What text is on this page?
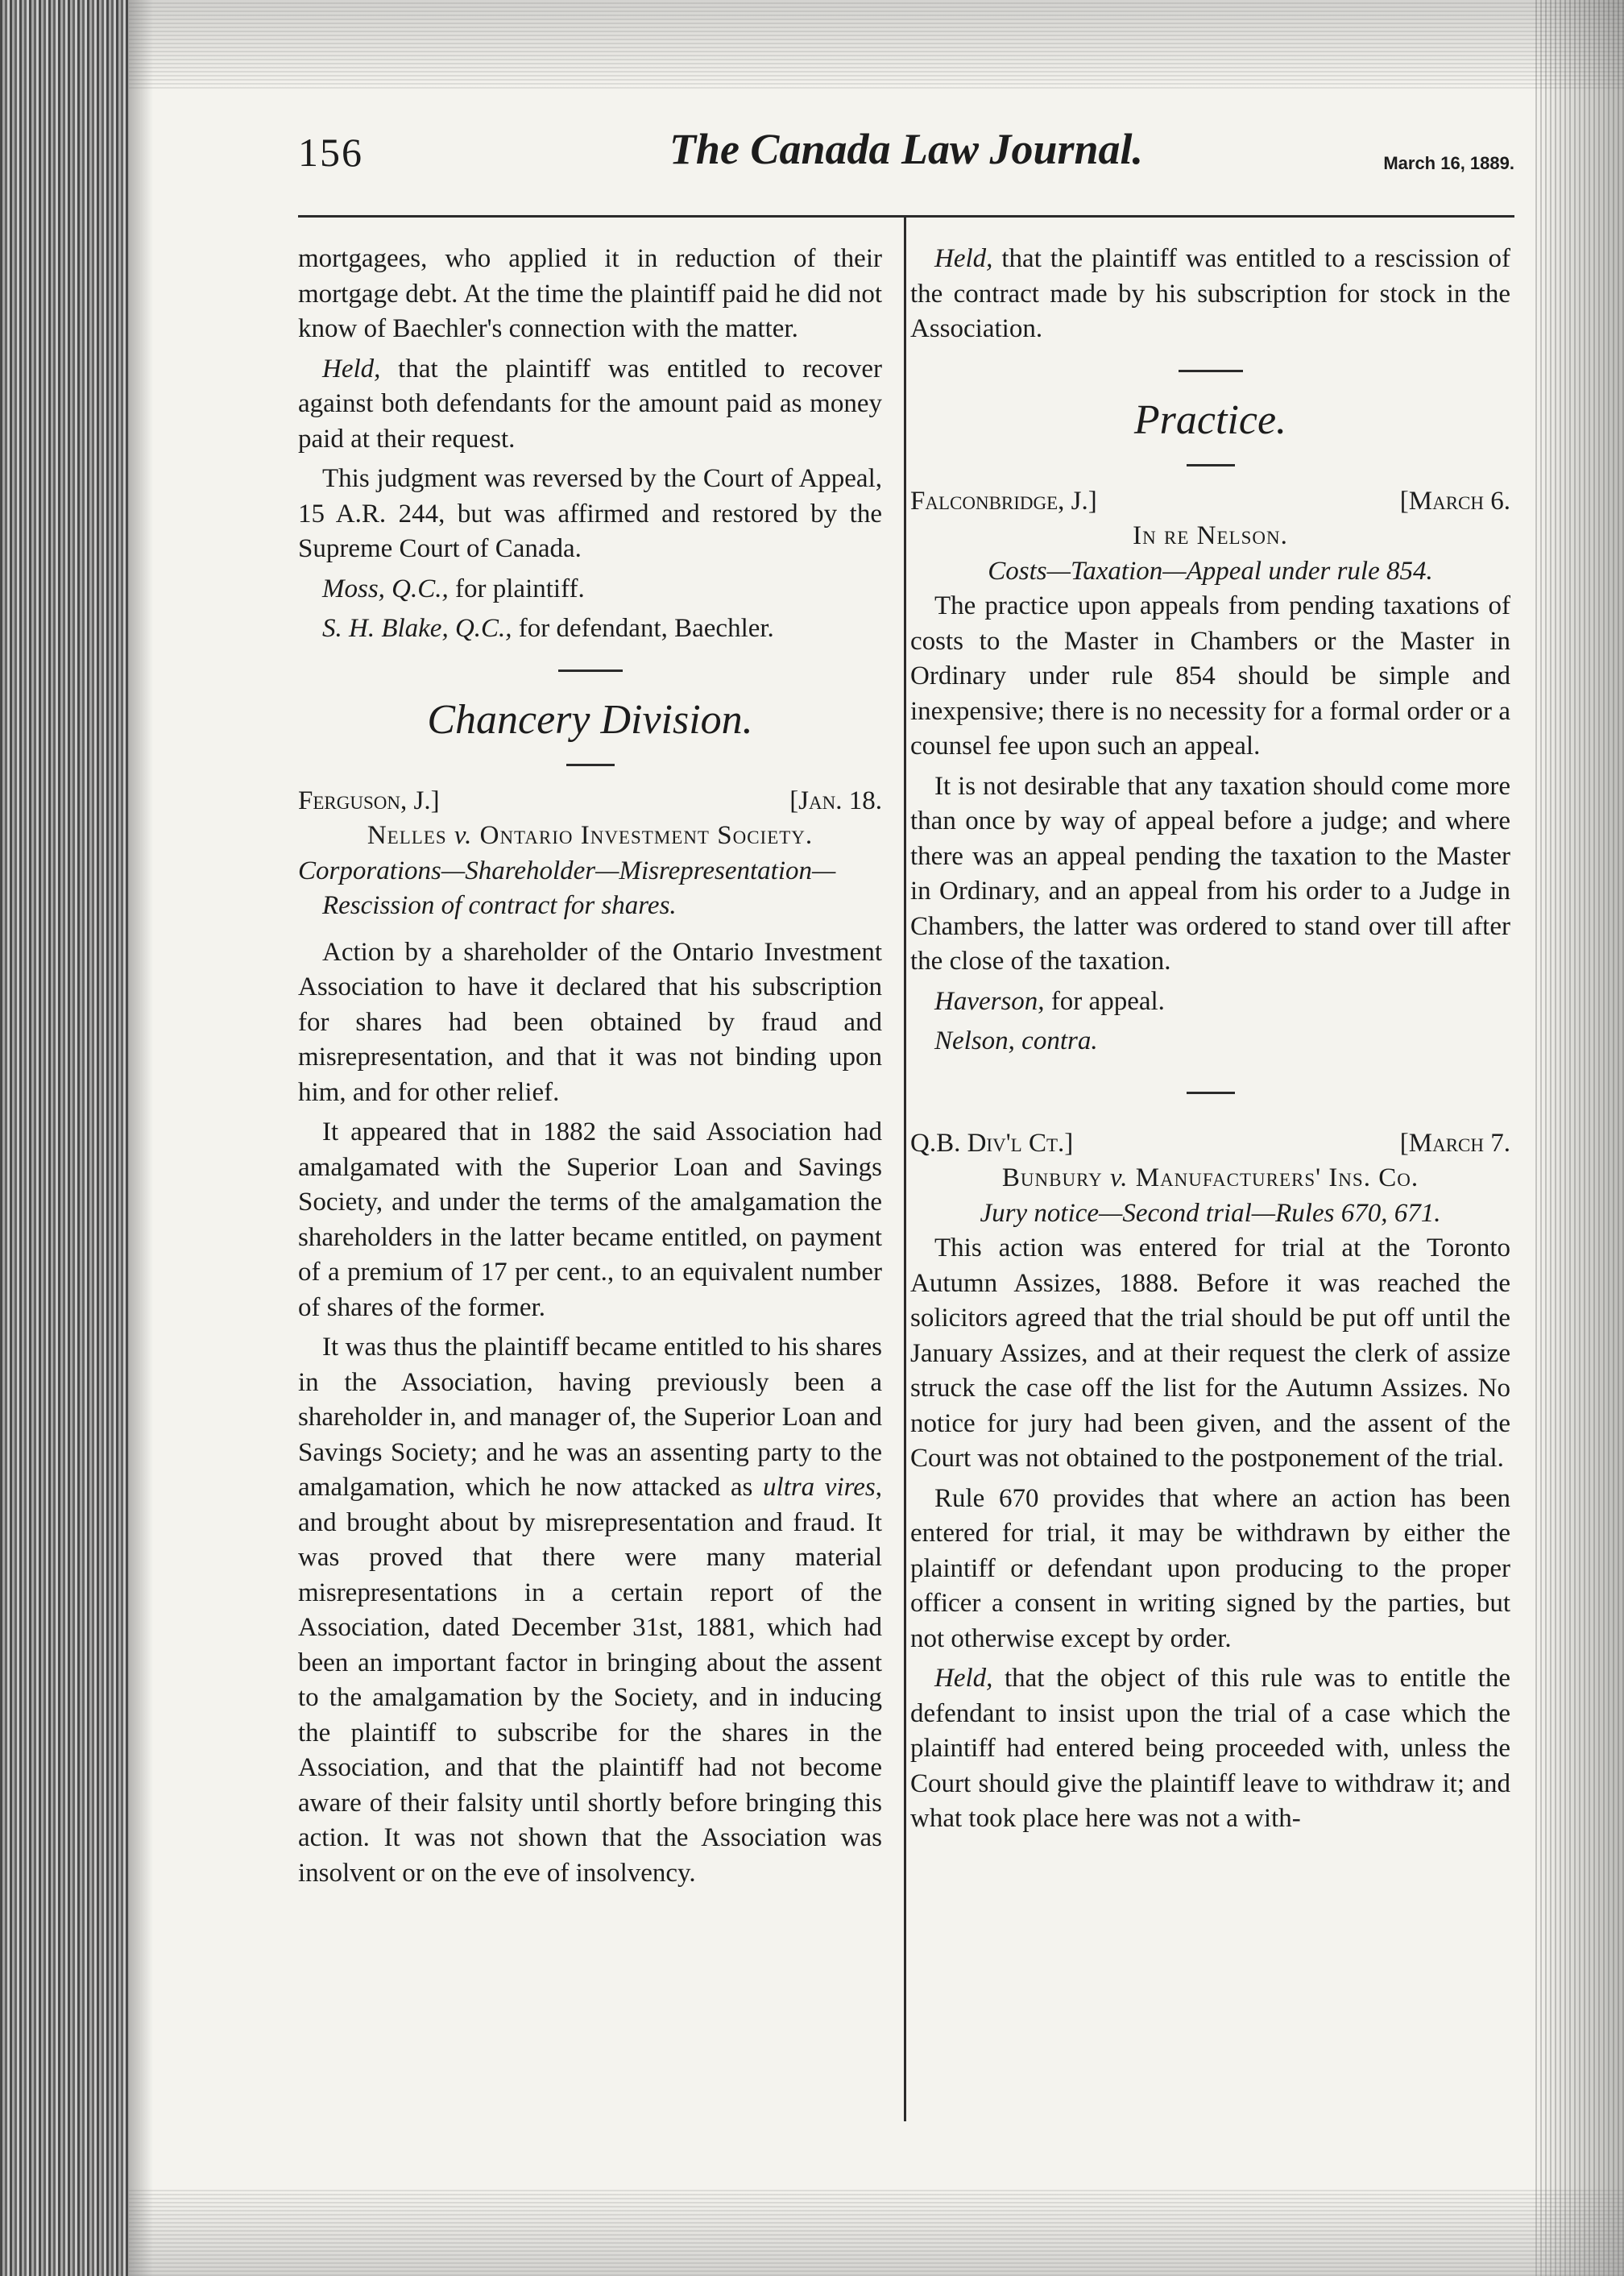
156	The Canada Law Journal.	March 16, 1889.

mortgagees, who applied it in reduction of their mortgage debt. At the time the plaintiff paid he did not know of Baechler's connection with the matter.

Held, that the plaintiff was entitled to recover against both defendants for the amount paid as money paid at their request.

This judgment was reversed by the Court of Appeal, 15 A.R. 244, but was affirmed and restored by the Supreme Court of Canada.

Moss, Q.C., for plaintiff.

S. H. Blake, Q.C., for defendant, Baechler.

Chancery Division.
Ferguson, J.]	[Jan. 18.
Nelles v. Ontario Investment Society.
Corporations—Shareholder—Misrepresentation—Rescission of contract for shares.

Action by a shareholder of the Ontario Investment Association to have it declared that his subscription for shares had been obtained by fraud and misrepresentation, and that it was not binding upon him, and for other relief.

It appeared that in 1882 the said Association had amalgamated with the Superior Loan and Savings Society, and under the terms of the amalgamation the shareholders in the latter became entitled, on payment of a premium of 17 per cent., to an equivalent number of shares of the former.

It was thus the plaintiff became entitled to his shares in the Association, having previously been a shareholder in, and manager of, the Superior Loan and Savings Society; and he was an assenting party to the amalgamation, which he now attacked as ultra vires, and brought about by misrepresentation and fraud. It was proved that there were many material misrepresentations in a certain report of the Association, dated December 31st, 1881, which had been an important factor in bringing about the assent to the amalgamation by the Society, and in inducing the plaintiff to subscribe for the shares in the Association, and that the plaintiff had not become aware of their falsity until shortly before bringing this action. It was not shown that the Association was insolvent or on the eve of insolvency.

Held, that the plaintiff was entitled to a rescission of the contract made by his subscription for stock in the Association.

Practice.
Falconbridge, J.]	[March 6.
In re Nelson.
Costs—Taxation—Appeal under rule 854.

The practice upon appeals from pending taxations of costs to the Master in Chambers or the Master in Ordinary under rule 854 should be simple and inexpensive; there is no necessity for a formal order or a counsel fee upon such an appeal.

It is not desirable that any taxation should come more than once by way of appeal before a judge; and where there was an appeal pending the taxation to the Master in Ordinary, and an appeal from his order to a Judge in Chambers, the latter was ordered to stand over till after the close of the taxation.

Haverson, for appeal.

Nelson, contra.

Q.B. Div'l Ct.]	[March 7.
Bunbury v. Manufacturers' Ins. Co.
Jury notice—Second trial—Rules 670, 671.

This action was entered for trial at the Toronto Autumn Assizes, 1888. Before it was reached the solicitors agreed that the trial should be put off until the January Assizes, and at their request the clerk of assize struck the case off the list for the Autumn Assizes. No notice for jury had been given, and the assent of the Court was not obtained to the postponement of the trial.

Rule 670 provides that where an action has been entered for trial, it may be withdrawn by either the plaintiff or defendant upon producing to the proper officer a consent in writing signed by the parties, but not otherwise except by order.

Held, that the object of this rule was to entitle the defendant to insist upon the trial of a case which the plaintiff had entered being proceeded with, unless the Court should give the plaintiff leave to withdraw it; and what took place here was not a with-
